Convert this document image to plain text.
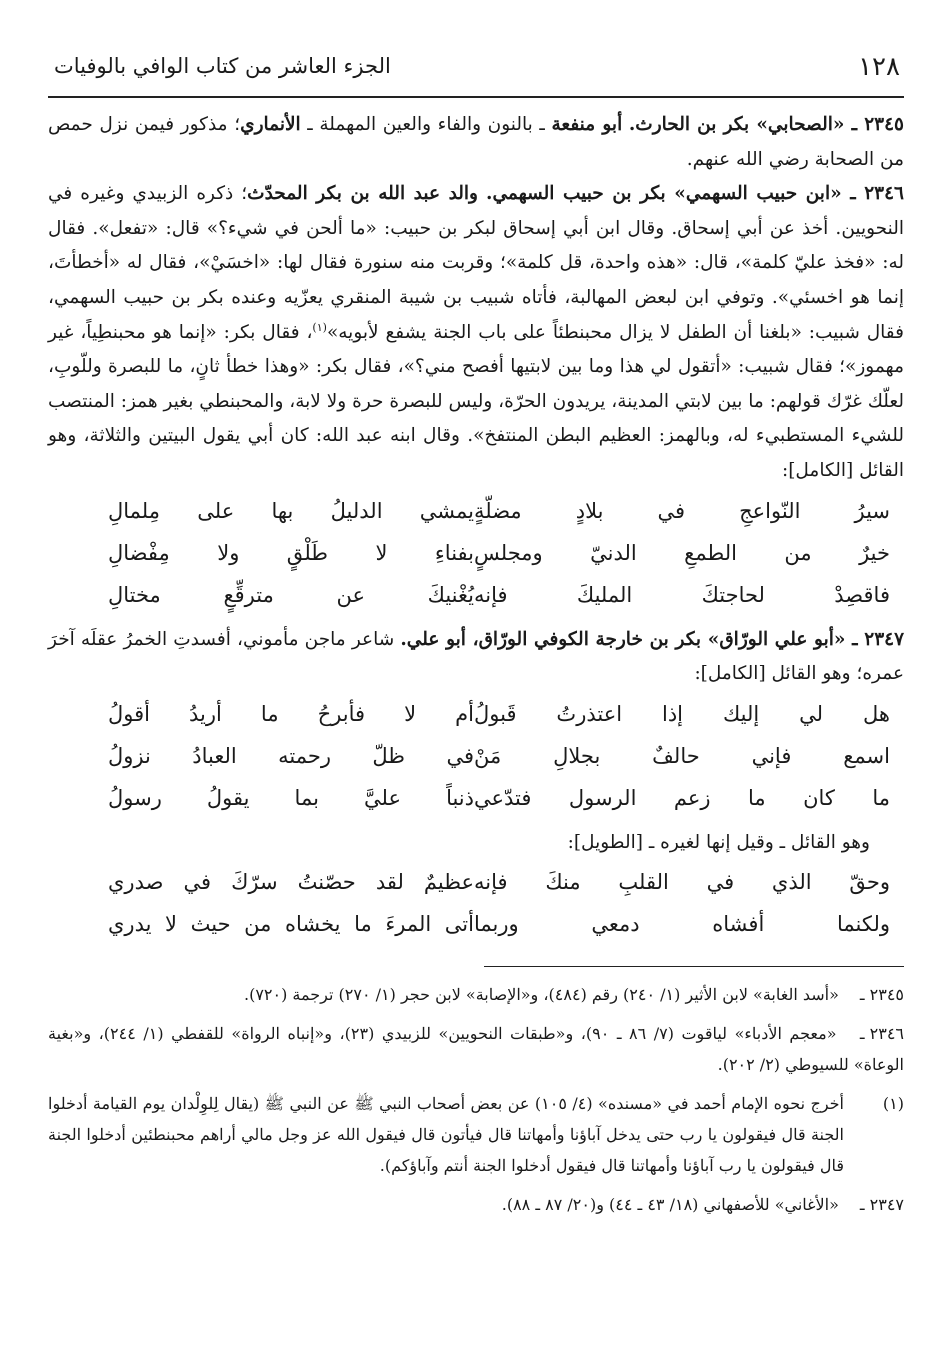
١٢٨
الجزء العاشر من كتاب الوافي بالوفيات

٢٣٤٥ ـ «الصحابي» بكر بن الحارث. أبو منفعة ـ بالنون والفاء والعين المهملة ـ الأنماري؛ مذكور فيمن نزل حمص من الصحابة رضي الله عنهم.

٢٣٤٦ ـ «ابن حبيب السهمي» بكر بن حبيب السهمي. والد عبد الله بن بكر المحدّث؛ ذكره الزبيدي وغيره في النحويين. أخذ عن أبي إسحاق. وقال ابن أبي إسحاق لبكر بن حبيب: «ما ألحن في شيء؟» قال: «تفعل». فقال له: «فخذ عليّ كلمة»، قال: «هذه واحدة، قل كلمة»؛ وقربت منه سنورة فقال لها: «اخسَيْ»، فقال له «أخطأتَ، إنما هو اخسئي». وتوفي ابن لبعض المهالبة، فأتاه شبيب بن شيبة المنقري يعزّيه وعنده بكر بن حبيب السهمي، فقال شبيب: «بلغنا أن الطفل لا يزال محبنطئاً على باب الجنة يشفع لأبويه»$^{(١)}$، فقال بكر: «إنما هو محبنطِياً، غير مهموز»؛ فقال شبيب: «أتقول لي هذا وما بين لابتيها أفصح مني؟»، فقال بكر: «وهذا خطأ ثانٍ، ما للبصرة وللّوبِ، لعلّك غرّك قولهم: ما بين لابتي المدينة، يريدون الحرّة، وليس للبصرة حرة ولا لابة، والمحبنطي بغير همز: المنتصب للشيء المستطبيء له، وبالهمز: العظيم البطن المنتفخ». وقال ابنه عبد الله: كان أبي يقول البيتين والثلاثة، وهو القائل [الكامل]:

سيرُ النّواعجِ في بلادٍ مضلّةٍ
يمشي الدليلُ بها على مِلمالِ
خيرٌ من الطمعِ الدنيّ ومجلسٍ
بفناءِ لا طَلْقٍ ولا مِفْضالِ
فاقصِدْ لحاجتكَ المليكَ فإنه
يُغْنيكَ عن مترقِّعٍ مختالِ

٢٣٤٧ ـ «أبو علي الورّاق» بكر بن خارجة الكوفي الورّاق، أبو علي. شاعر ماجن مأموني، أفسدتِ الخمرُ عقلَه آخرَ عمره؛ وهو القائل [الكامل]:

هل لي إليك إذا اعتذرتُ قَبولُ
أم لا فأبرحُ ما أريدُ أقولُ
اسمع فإني حالفٌ بجلالِ مَنْ
في ظلّ رحمته العبادُ نزولُ
ما كان ما زعم الرسول فتدّعي
ذنباً عليَّ بما يقولُ رسولُ
وهو القائل ـ وقيل إنها لغيره ـ [الطويل]:
وحقّ الذي في القلبِ منكَ فإنه
عظيمٌ لقد حصّنتُ سرّكَ في صدري
ولكنما أفشاه دمعي وربما
أتى المرءَ ما يخشاه من حيث لا يدري
٢٣٤٥ ـ «أسد الغابة» لابن الأثير (١/ ٢٤٠) رقم (٤٨٤)، و«الإصابة» لابن حجر (١/ ٢٧٠) ترجمة (٧٢٠).
٢٣٤٦ ـ «معجم الأدباء» لياقوت (٧/ ٨٦ ـ ٩٠)، و«طبقات النحويين» للزبيدي (٢٣)، و«إنباه الرواة» للقفطي (١/ ٢٤٤)، و«بغية الوعاة» للسيوطي (٢/ ٢٠٢).
(١)
أخرج نحوه الإمام أحمد في «مسنده» (٤/ ١٠٥) عن بعض أصحاب النبي ﷺ عن النبي ﷺ (يقال لِلوِلْدان يوم القيامة أدخلوا الجنة قال فيقولون يا رب حتى يدخل آباؤنا وأمهاتنا قال فيأتون قال فيقول الله عز وجل مالي أراهم محبنطئين أدخلوا الجنة قال فيقولون يا رب آباؤنا وأمهاتنا قال فيقول أدخلوا الجنة أنتم وآباؤكم).
٢٣٤٧ ـ «الأغاني» للأصفهاني (١٨/ ٤٣ ـ ٤٤) و(٢٠/ ٨٧ ـ ٨٨).
